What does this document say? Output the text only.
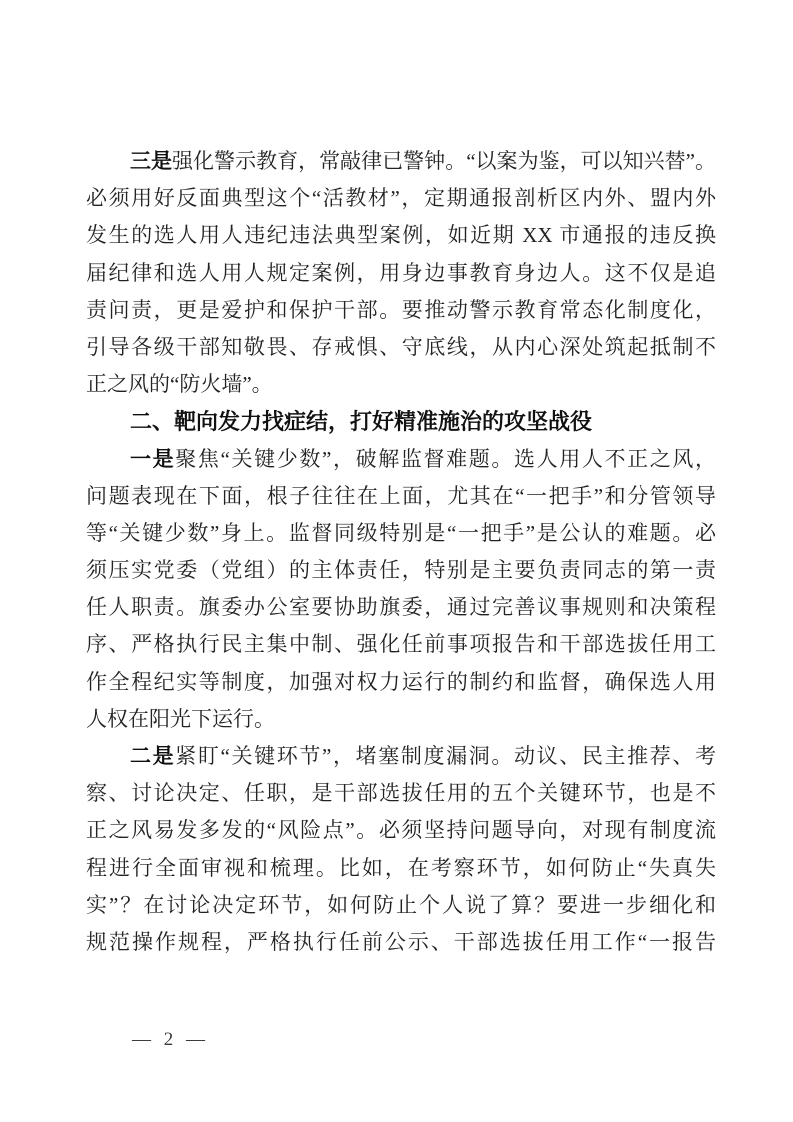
三是强化警示教育，常敲律已警钟。“以案为鉴，可以知兴替”。
必须用好反面典型这个“活教材”，定期通报剖析区内外、盟内外
发生的选人用人违纪违法典型案例，如近期 XX 市通报的违反换
届纪律和选人用人规定案例，用身边事教育身边人。这不仅是追
责问责，更是爱护和保护干部。要推动警示教育常态化制度化，
引导各级干部知敬畏、存戒惧、守底线，从内心深处筑起抵制不
正之风的“防火墙”。
二、靶向发力找症结，打好精准施治的攻坚战役
一是聚焦“关键少数”，破解监督难题。选人用人不正之风，
问题表现在下面，根子往往在上面，尤其在“一把手”和分管领导
等“关键少数”身上。监督同级特别是“一把手”是公认的难题。必
须压实党委（党组）的主体责任，特别是主要负责同志的第一责
任人职责。旗委办公室要协助旗委，通过完善议事规则和决策程
序、严格执行民主集中制、强化任前事项报告和干部选拔任用工
作全程纪实等制度，加强对权力运行的制约和监督，确保选人用
人权在阳光下运行。
二是紧盯“关键环节”，堵塞制度漏洞。动议、民主推荐、考
察、讨论决定、任职，是干部选拔任用的五个关键环节，也是不
正之风易发多发的“风险点”。必须坚持问题导向，对现有制度流
程进行全面审视和梳理。比如，在考察环节，如何防止“失真失
实”？在讨论决定环节，如何防止个人说了算？要进一步细化和
规范操作规程，严格执行任前公示、干部选拔任用工作“一报告
— 2 —
